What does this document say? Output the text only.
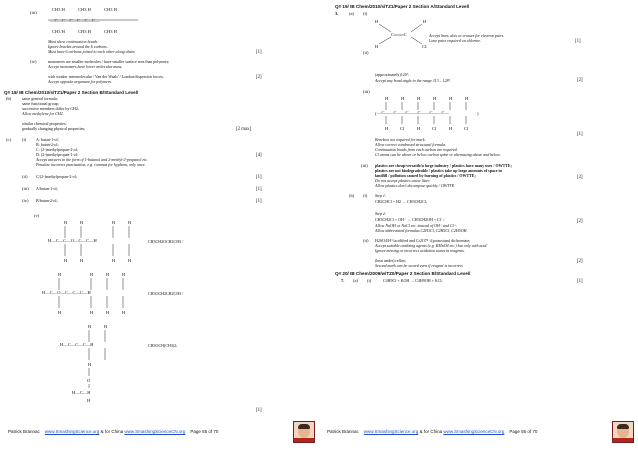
(iii)
CH3 H	CH3 H	CH3 H
—C—C—C—C—C—C—
CH3 H	CH3 H	CH3 H
[1]
Must show continuation bonds.
Ignore bracket around the 6 carbons.
Must have 6 carbons joined to each other along chain.
(iv)	monomers are smaller molecules / have smaller surface area than polymers;
Accept monomers have lower molecular mass.
with weaker intermolecular / Van der Waals' / London/dispersion forces;
Accept opposite argument for polymers.
[2]
Q# 18/ IB Chem/2010/s/TZ1/Paper 2 Section B/Standard Level/
(b)	same general formula;
same functional group;
successive members differ by CH2;
Allow methylene for CH2.
similar chemical properties;
gradually changing physical properties;	[2 max]
(c) (i) A: butan-1-ol;
B: butan-2-ol;
C: (2-)methylpropan-2-ol;
D: (2-)methylpropan-1-ol;
Accept answers in the form of 1-butanol and 2-methyl-2-propanol etc.
Penalize incorrect punctuation, e.g. commas for hyphens, only once.
[4]
(ii) C/(2-)methylpropan-2-ol;	[1]
(iii) A/butan-1-ol;	[1]
(iv) B/butan-2-ol;	[1]
(v)
H	H	H	H
H—C—C—O—C—C—H
H	H	H	H
CH3CH2OCH2CH3 /
H	H	H	H
H—C—O—C—C—C—H
H	H	H	H
CH3OCH2CH2CH3 /
H	H
H—C—C—C—H
H
O
H—C—H
H
CH3OCH(CH3)2;
[1]
Patrick Brannac www.SmashingScience.org & for China www.SmashingScienceCN.org Page 55 of 70
Q# 19/ IB Chem/2010/s/TZ1/Paper 2 Section A/Standard Level/
3. (a) (i)
H	H
C═══C
H	Cl:
Accept lines, dots or crosses for electron pairs.
Lone pairs required on chlorine.	[1]
(ii)
(approximately)120°;
Accept any bond angle in the range 113 – 128°.	[2]
(iii)
(
H	H	H	H	H	H
—C——C——C——C——C——C—
H	Cl	H	Cl	H	Cl
)
Brackets not required for mark.
Allow correct condensed structural formula.
Continuation bonds from each carbon are required.
Cl atoms can be above or below carbon spine or alternating above and below.
[1]
(iii) plastics are cheap/versatile/a large industry / plastics have many uses / OWTTE;
plastics are not biodegradeable / plastics take up large amounts of space in
landfill / pollution caused by burning of plastics / OWTTE;
Do not accept plastics cause litter.
Allow plastics don't decompose quickly / OWTTE.
[2]
(b) (i) Step 1:
CH2CHCl + H2 → CH3CH2Cl;
Step 2:
CH3CH2Cl + OH⁻ → CH3CH2OH + Cl⁻;
Allow NaOH or NaCl etc. instead of OH⁻ and Cl⁻.
Allow abbreviated formulas C2H3Cl, C2H5Cl, C2H5OH.
[2]
(ii) H2SO4/H⁺/acidified and Cr2O7²⁻/(potassium) dichromate;
Accept suitable oxidizing agents (e.g. KMnO4 etc.) but only with acid.
Ignore missing or incorrect oxidation states in reagents.
(heat under) reflux;
Second mark can be scored even if reagent is incorrect.
[2]
Q# 20/ IB Chem/2009/w/TZ0/Paper 2 Section B/Standard Level/
7. (a) (i)	C4H9Cl + KOH → C4H9OH + KCl;	[1]
Patrick Brannac www.SmashingScience.org & for China www.SmashingScienceCN.org Page 56 of 70
